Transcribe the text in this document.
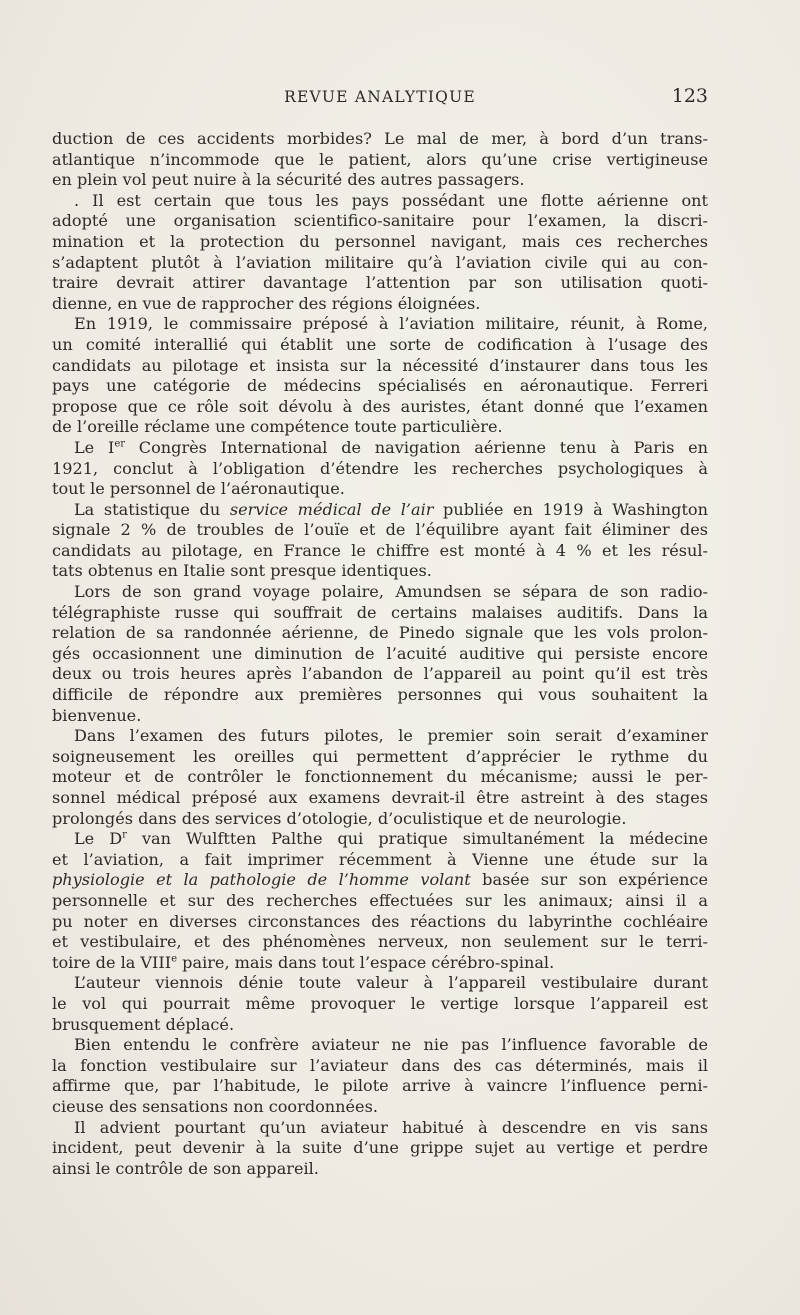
REVUE ANALYTIQUE	123
duction de ces accidents morbides? Le mal de mer, à bord d’un trans-
atlantique n’incommode que le patient, alors qu’une crise vertigineuse
en plein vol peut nuire à la sécurité des autres passagers.
. Il est certain que tous les pays possédant une flotte aérienne ont
adopté une organisation scientifico-sanitaire pour l’examen, la discri-
mination et la protection du personnel navigant, mais ces recherches
s’adaptent plutôt à l’aviation militaire qu’à l’aviation civile qui au con-
traire devrait attirer davantage l’attention par son utilisation quoti-
dienne, en vue de rapprocher des régions éloignées.
En 1919, le commissaire préposé à l’aviation militaire, réunit, à Rome,
un comité interallié qui établit une sorte de codification à l’usage des
candidats au pilotage et insista sur la nécessité d’instaurer dans tous les
pays une catégorie de médecins spécialisés en aéronautique. Ferreri
propose que ce rôle soit dévolu à des auristes, étant donné que l’examen
de l’oreille réclame une compétence toute particulière.
Le Ier Congrès International de navigation aérienne tenu à Paris en
1921, conclut à l’obligation d’étendre les recherches psychologiques à
tout le personnel de l’aéronautique.
La statistique du service médical de l’air publiée en 1919 à Washington
signale 2 % de troubles de l’ouïe et de l’équilibre ayant fait éliminer des
candidats au pilotage, en France le chiffre est monté à 4 % et les résul-
tats obtenus en Italie sont presque identiques.
Lors de son grand voyage polaire, Amundsen se sépara de son radio-
télégraphiste russe qui souffrait de certains malaises auditifs. Dans la
relation de sa randonnée aérienne, de Pinedo signale que les vols prolon-
gés occasionnent une diminution de l’acuité auditive qui persiste encore
deux ou trois heures après l’abandon de l’appareil au point qu’il est très
difficile de répondre aux premières personnes qui vous souhaitent la
bienvenue.
Dans l’examen des futurs pilotes, le premier soin serait d’examiner
soigneusement les oreilles qui permettent d’apprécier le rythme du
moteur et de contrôler le fonctionnement du mécanisme; aussi le per-
sonnel médical préposé aux examens devrait-il être astreint à des stages
prolongés dans des services d’otologie, d’oculistique et de neurologie.
Le $D^r$ van Wulftten Palthe qui pratique simultanément la médecine
et l’aviation, a fait imprimer récemment à Vienne une étude sur la
physiologie et la pathologie de l’homme volant basée sur son expérience
personnelle et sur des recherches effectuées sur les animaux; ainsi il a
pu noter en diverses circonstances des réactions du labyrinthe cochléaire
et vestibulaire, et des phénomènes nerveux, non seulement sur le terri-
toire de la VIIIe paire, mais dans tout l’espace cérébro-spinal.
L’auteur viennois dénie toute valeur à l’appareil vestibulaire durant
le vol qui pourrait même provoquer le vertige lorsque l’appareil est
brusquement déplacé.
Bien entendu le confrère aviateur ne nie pas l’influence favorable de
la fonction vestibulaire sur l’aviateur dans des cas déterminés, mais il
affirme que, par l’habitude, le pilote arrive à vaincre l’influence perni-
cieuse des sensations non coordonnées.
Il advient pourtant qu’un aviateur habitué à descendre en vis sans
incident, peut devenir à la suite d’une grippe sujet au vertige et perdre
ainsi le contrôle de son appareil.
